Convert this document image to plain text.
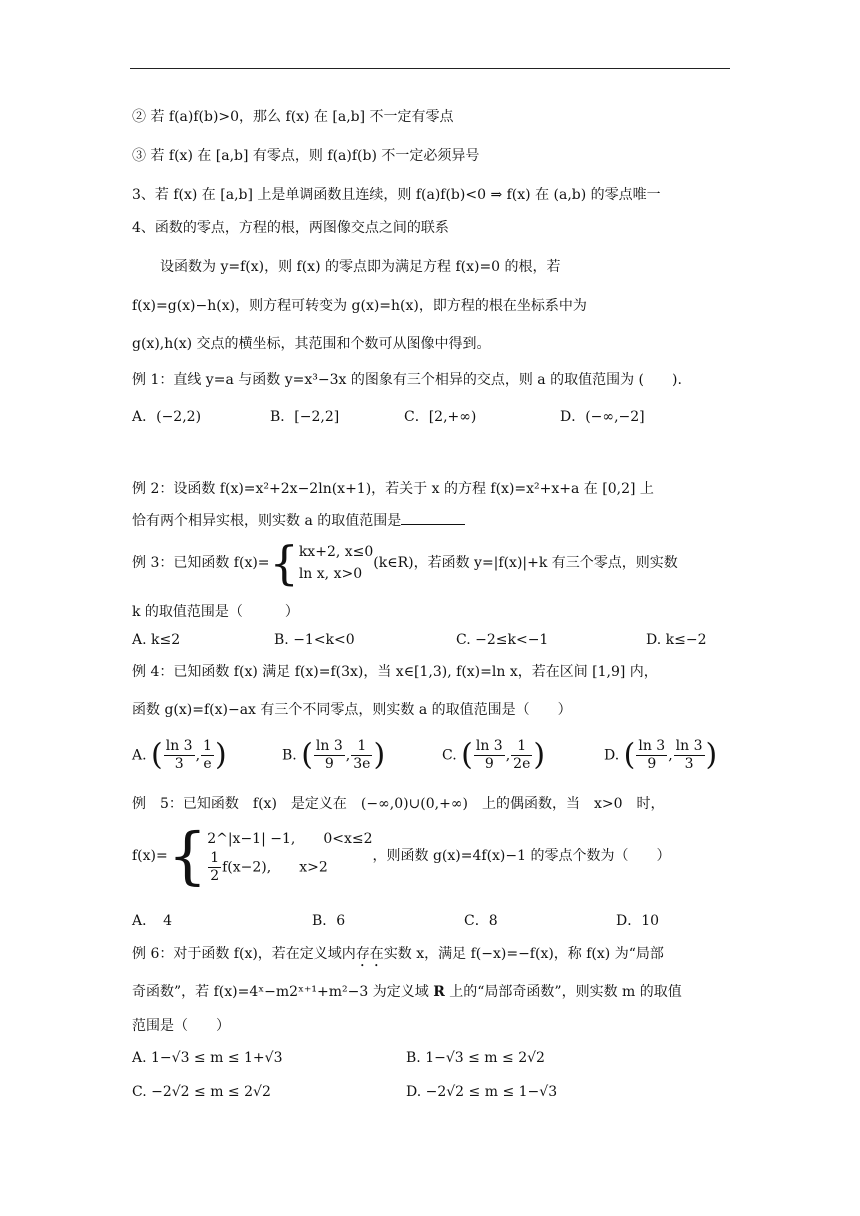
② 若 f(a)f(b)>0，那么 f(x) 在 [a,b] 不一定有零点
③ 若 f(x) 在 [a,b] 有零点，则 f(a)f(b) 不一定必须异号
3、若 f(x) 在 [a,b] 上是单调函数且连续，则 f(a)f(b)<0 ⇒ f(x) 在 (a,b) 的零点唯一
4、函数的零点，方程的根，两图像交点之间的联系
设函数为 y=f(x)，则 f(x) 的零点即为满足方程 f(x)=0 的根，若
f(x)=g(x)−h(x)，则方程可转变为 g(x)=h(x)，即方程的根在坐标系中为
g(x),h(x) 交点的横坐标，其范围和个数可从图像中得到。
例 1：直线 y=a 与函数 y=x³−3x 的图象有三个相异的交点，则 a 的取值范围为 (　　).
A．(−2,2)	B．[−2,2]	C．[2,+∞)	D．(−∞,−2]
例 2：设函数 f(x)=x²+2x−2ln(x+1)，若关于 x 的方程 f(x)=x²+x+a 在 [0,2] 上
恰有两个相异实根，则实数 a 的取值范围是
例 3：已知函数 f(x)={kx+2, x≤0
ln x, x>0(k∈R)，若函数 y=|f(x)|+k 有三个零点，则实数
k 的取值范围是（　　　）
A. k≤2	B. −1<k<0	C. −2≤k<−1	D. k≤−2
例 4：已知函数 f(x) 满足 f(x)=f(3x)，当 x∈[1,3), f(x)=ln x，若在区间 [1,9] 内，
函数 g(x)=f(x)−ax 有三个不同零点，则实数 a 的取值范围是（　　）
A. ( $\frac{\ln 3}{3}$ , $\frac{1}{e}$ )	B. ( $\frac{\ln 3}{9}$ , $\frac{1}{3e}$ )	C. ( $\frac{\ln 3}{9}$ , $\frac{1}{2e}$ )	D. ( $\frac{\ln 3}{9}$ , $\frac{\ln 3}{3}$ )
例　5：已知函数　f(x)　是定义在　(−∞,0)∪(0,+∞)　上的偶函数，当　x>0　时，
f(x)={2^|x−1| −1,　　0<x≤2

$\frac{1}{2} f(x-2)$,　　x>2，则函数 g(x)=4f(x)−1 的零点个数为（　　）
A．　4	B．6	C．8	D．10
例 6：对于函数 f(x)，若在定义域内存在实数 x，满足 f(−x)=−f(x)，称 f(x) 为“局部
奇函数”，若 f(x)=4ˣ−m2ˣ⁺¹+m²−3 为定义域 R 上的“局部奇函数”，则实数 m 的取值
范围是（　　）
A. 1−√3 ≤ m ≤ 1+√3	B. 1−√3 ≤ m ≤ 2√2
C. −2√2 ≤ m ≤ 2√2	D. −2√2 ≤ m ≤ 1−√3
